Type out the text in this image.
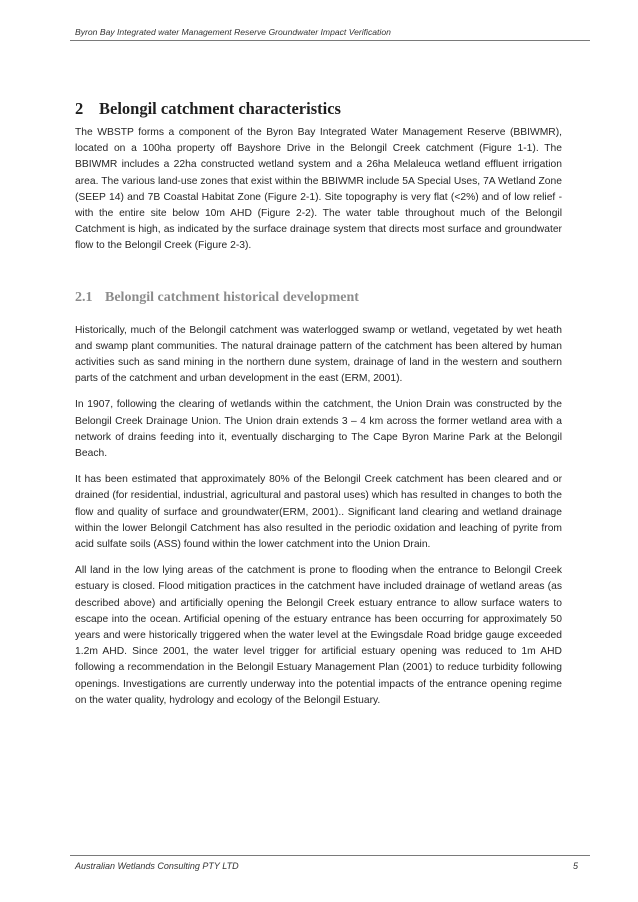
Byron Bay Integrated water Management Reserve Groundwater Impact Verification
2 Belongil catchment characteristics

The WBSTP forms a component of the Byron Bay Integrated Water Management Reserve (BBIWMR), located on a 100ha property off Bayshore Drive in the Belongil Creek catchment (Figure 1-1). The BBIWMR includes a 22ha constructed wetland system and a 26ha Melaleuca wetland effluent irrigation area. The various land-use zones that exist within the BBIWMR include 5A Special Uses, 7A Wetland Zone (SEEP 14) and 7B Coastal Habitat Zone (Figure 2-1). Site topography is very flat (<2%) and of low relief - with the entire site below 10m AHD (Figure 2-2). The water table throughout much of the Belongil Catchment is high, as indicated by the surface drainage system that directs most surface and groundwater flow to the Belongil Creek (Figure 2-3).

2.1 Belongil catchment historical development

Historically, much of the Belongil catchment was waterlogged swamp or wetland, vegetated by wet heath and swamp plant communities. The natural drainage pattern of the catchment has been altered by human activities such as sand mining in the northern dune system, drainage of land in the western and southern parts of the catchment and urban development in the east (ERM, 2001).

In 1907, following the clearing of wetlands within the catchment, the Union Drain was constructed by the Belongil Creek Drainage Union. The Union drain extends 3 – 4 km across the former wetland area with a network of drains feeding into it, eventually discharging to The Cape Byron Marine Park at the Belongil Beach.

It has been estimated that approximately 80% of the Belongil Creek catchment has been cleared and or drained (for residential, industrial, agricultural and pastoral uses) which has resulted in changes to both the flow and quality of surface and groundwater(ERM, 2001).. Significant land clearing and wetland drainage within the lower Belongil Catchment has also resulted in the periodic oxidation and leaching of pyrite from acid sulfate soils (ASS) found within the lower catchment into the Union Drain.

All land in the low lying areas of the catchment is prone to flooding when the entrance to Belongil Creek estuary is closed. Flood mitigation practices in the catchment have included drainage of wetland areas (as described above) and artificially opening the Belongil Creek estuary entrance to allow surface waters to escape into the ocean. Artificial opening of the estuary entrance has been occurring for approximately 50 years and were historically triggered when the water level at the Ewingsdale Road bridge gauge exceeded 1.2m AHD. Since 2001, the water level trigger for artificial estuary opening was reduced to 1m AHD following a recommendation in the Belongil Estuary Management Plan (2001) to reduce turbidity following openings. Investigations are currently underway into the potential impacts of the entrance opening regime on the water quality, hydrology and ecology of the Belongil Estuary.

Australian Wetlands Consulting PTY LTD	5
